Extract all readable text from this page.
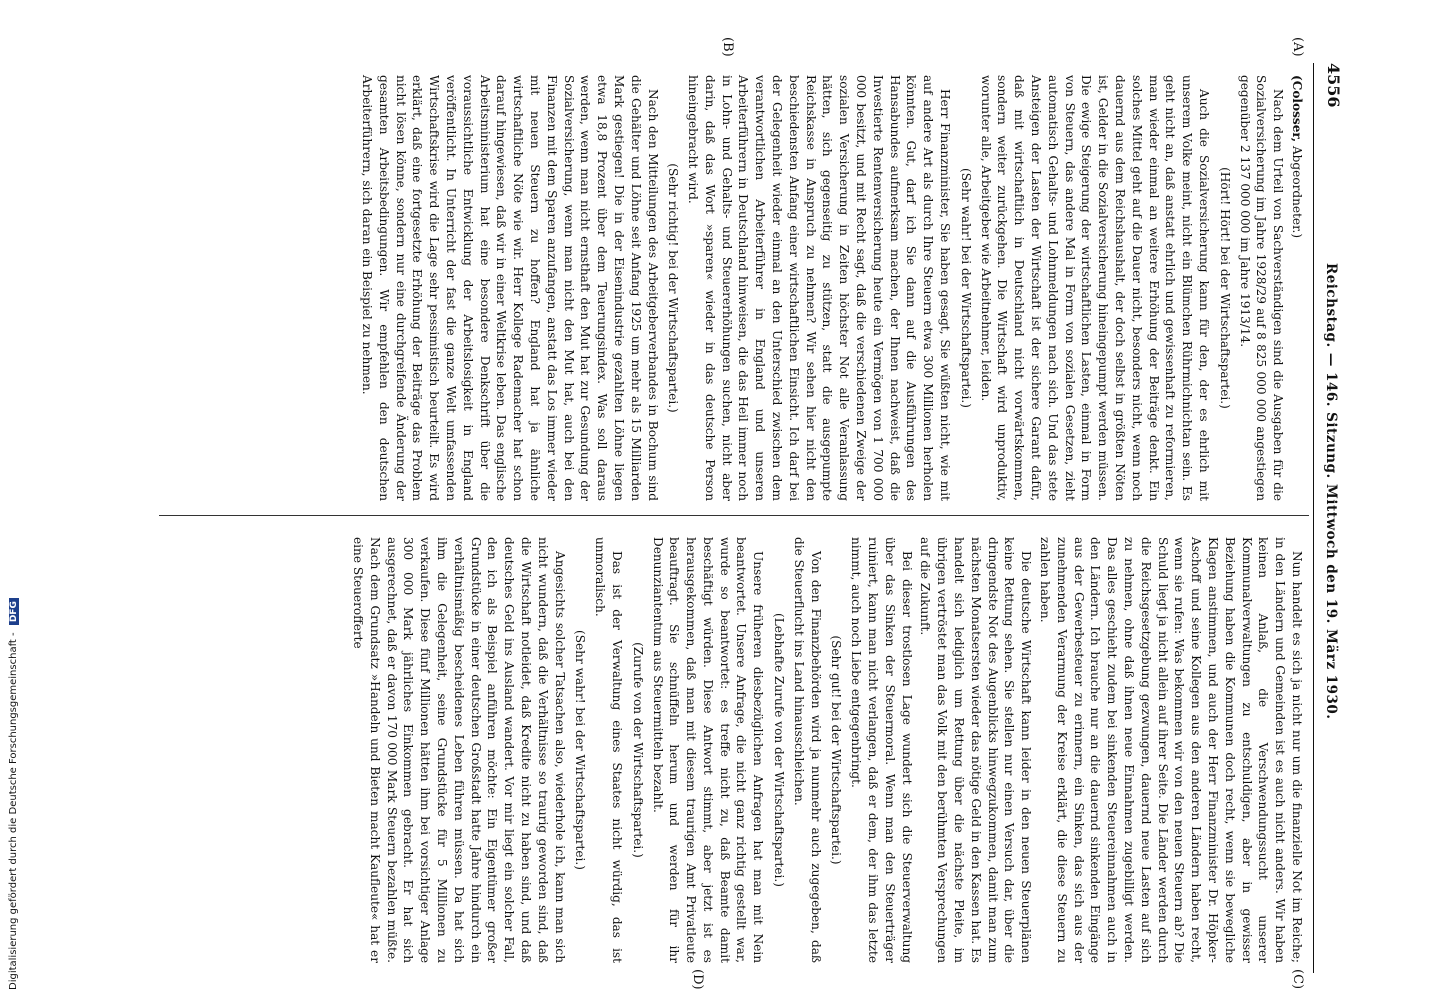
4556
Reichstag. — 146. Sitzung. Mittwoch den 19. März 1930.
(A)
(B)
(C)
(D)

(Colosser, Abgeordneter.)

Nach dem Urteil von Sachverständigen sind die Ausgaben für die Sozialversicherung im Jahre 1928/29 auf 8 825 000 000 angestiegen gegenüber 2 137 000 000 im Jahre 1913/14.

(Hört! Hört! bei der Wirtschaftspartei.)

Auch die Sozialversicherung kann für den, der es ehrlich mit unserem Volke meint, nicht ein Blümchen Rührmichnichtan sein. Es geht nicht an, daß anstatt ehrlich und gewissenhaft zu reformieren, man wieder einmal an weitere Erhöhung der Beiträge denkt. Ein solches Mittel geht auf die Dauer nicht, besonders nicht, wenn noch dauernd aus dem Reichshaushalt, der doch selbst in größten Nöten ist, Gelder in die Sozialversicherung hineingepumpt werden müssen. Die ewige Steigerung der wirtschaftlichen Lasten, einmal in Form von Steuern, das andere Mal in Form von sozialen Gesetzen, zieht automatisch Gehalts- und Lohnmeldungen nach sich. Und das stete Ansteigen der Lasten der Wirtschaft ist der sichere Garant dafür, daß mit wirtschaftlich in Deutschland nicht vorwärtskommen, sondern weiter zurückgehen. Die Wirtschaft wird unproduktiv, worunter alle, Arbeitgeber wie Arbeitnehmer, leiden.

(Sehr wahr! bei der Wirtschaftspartei.)

Herr Finanzminister, Sie haben gesagt, Sie wüßten nicht, wie mit auf andere Art als durch Ihre Steuern etwa 300 Millionen herholen könnten. Gut, darf ich Sie dann auf die Ausführungen des Hansabundes aufmerksam machen, der Ihnen nachweist, daß die Investierte Rentenversicherung heute ein Vermögen von 1 700 000 000 besitzt, und mit Recht sagt, daß die verschiedenen Zweige der sozialen Versicherung in Zeiten höchster Not alle Veranlassung hätten, sich gegenseitig zu stützen, statt die ausgepumpte Reichskasse in Anspruch zu nehmen? Wir sehen hier nicht den beschiedensten Anfang einer wirtschaftlichen Einsicht. Ich darf bei der Gelegenheit wieder einmal an den Unterschied zwischen dem verantwortlichen Arbeiterführer in England und unseren Arbeiterführern in Deutschland hinweisen, die das Heil immer noch in Lohn- und Gehalts- und Steuererhöhungen suchen, nicht aber darin, daß das Wort »sparen« wieder in das deutsche Person hineingebracht wird.

(Sehr richtig! bei der Wirtschaftspartei.)

Nach den Mitteilungen des Arbeitgeberverbandes in Bochum sind die Gehälter und Löhne seit Anfang 1925 um mehr als 15 Milliarden Mark gestiegen! Die in der Eisenindustrie gezahlten Löhne liegen etwa 18,8 Prozent über dem Teuerungsindex. Was soll daraus werden, wenn man nicht ernsthaft den Mut hat zur Gesundung der Sozialversicherung, wenn man nicht den Mut hat, auch bei den Finanzen mit dem Sparen anzufangen, anstatt das Los immer wieder mit neuen Steuern zu hoffen? England hat ja ähnliche wirtschaftliche Nöte wie wir. Herr Kollege Rademacher hat schon darauf hingewiesen, daß wir in einer Weltkrise leben. Das englische Arbeitsministerium hat eine besondere Denkschrift über die voraussichtliche Entwicklung der Arbeitslosigkeit in England veröffentlicht. In Unterricht der fast die ganze Welt umfassenden Wirtschaftskrise wird die Lage sehr pessimistisch beurteilt. Es wird erklärt, daß eine fortgesetzte Erhöhung der Beiträge das Problem nicht lösen könne, sondern nur eine durchgreifende Änderung der gesamten Arbeitsbedingungen. Wir empfehlen den deutschen Arbeiterführern, sich daran ein Beispiel zu nehmen.

Nun handelt es sich ja nicht nur um die finanzielle Not im Reiche; in den Ländern und Gemeinden ist es auch nicht anders. Wir haben keinen Anlaß, die Verschwendungssucht unserer Kommunalverwaltungen zu entschuldigen, aber in gewisser Beziehung haben die Kommunen doch recht, wenn sie bewegliche Klagen anstimmen, und auch der Herr Finanzminister Dr. Höpker-Aschoff und seine Kollegen aus den anderen Ländern haben recht, wenn sie rufen: Was bekommen wir von den neuen Steuern ab? Die Schuld liegt ja nicht allein auf ihrer Seite. Die Länder werden durch die Reichsgesetzgebung gezwungen, dauernd neue Lasten auf sich zu nehmen, ohne daß ihnen neue Einnahmen zugebilligt werden. Das alles geschieht zudem bei sinkenden Steuereinnahmen auch in den Ländern. Ich brauche nur an die dauernd sinkenden Eingänge aus der Gewerbesteuer zu erinnern, ein Sinken, das sich aus der zunehmenden Verarmung der Kreise erklärt, die diese Steuern zu zahlen haben.

Die deutsche Wirtschaft kann leider in den neuen Steuerplänen keine Rettung sehen. Sie stellen nur einen Versuch dar, über die dringendste Not des Augenblicks hinwegzukommen, damit man zum nächsten Monatsersten wieder das nötige Geld in den Kassen hat. Es handelt sich lediglich um Rettung über die nächste Pleite, im übrigen vertröstet man das Volk mit den berühmten Versprechungen auf die Zukunft.

Bei dieser trostlosen Lage wundert sich die Steuerverwaltung über das Sinken der Steuermoral. Wenn man den Steuerträger ruiniert, kann man nicht verlangen, daß er dem, der ihm das letzte nimmt, auch noch Liebe entgegenbringt.

(Sehr gut! bei der Wirtschaftspartei.)

Von den Finanzbehörden wird ja nunmehr auch zugegeben, daß die Steuerflucht ins Land hinausschleichen.

(Lebhafte Zurufe von der Wirtschaftspartei.)

Unsere früheren diesbezüglichen Anfragen hat man mit Nein beantwortet. Unsere Anfrage, die nicht ganz richtig gestellt war, wurde so beantwortet: es treffe nicht zu, daß Beamte damit beschäftigt würden. Diese Antwort stimmt, aber jetzt ist es herausgekommen, daß man mit diesem traurigen Amt Privatleute beauftragt. Sie schnüffeln herum und werden für ihr Denunziantentum aus Steuermitteln bezahlt.

(Zurufe von der Wirtschaftspartei.)

Das ist der Verwaltung eines Staates nicht würdig, das ist unmoralisch.

(Sehr wahr! bei der Wirtschaftspartei.)

Angesichts solcher Tatsachen also, wiederhole ich, kann man sich nicht wundern, daß die Verhältnisse so traurig geworden sind, daß die Wirtschaft notleidet, daß Kredite nicht zu haben sind, und daß deutsches Geld ins Ausland wandert. Vor mir liegt ein solcher Fall, den ich als Beispiel anführen möchte: Ein Eigentümer großer Grundstücke in einer deutschen Großstadt hatte Jahre hindurch ein verhältnismäßig bescheidenes Leben führen müssen. Da hat sich ihm die Gelegenheit, seine Grundstücke für 5 Millionen zu verkaufen. Diese fünf Millionen hätten ihm bei vorsichtiger Anlage 300 000 Mark jährliches Einkommen gebracht. Er hat sich ausgerechnet, daß er davon 170 000 Mark Steuern bezahlen müßte. Nach dem Grundsatz »Handeln und Bieten macht Kaufleute« hat er eine Steuerofferte

Digitalisierung gefördert durch die Deutsche Forschungsgemeinschaft - DFG
